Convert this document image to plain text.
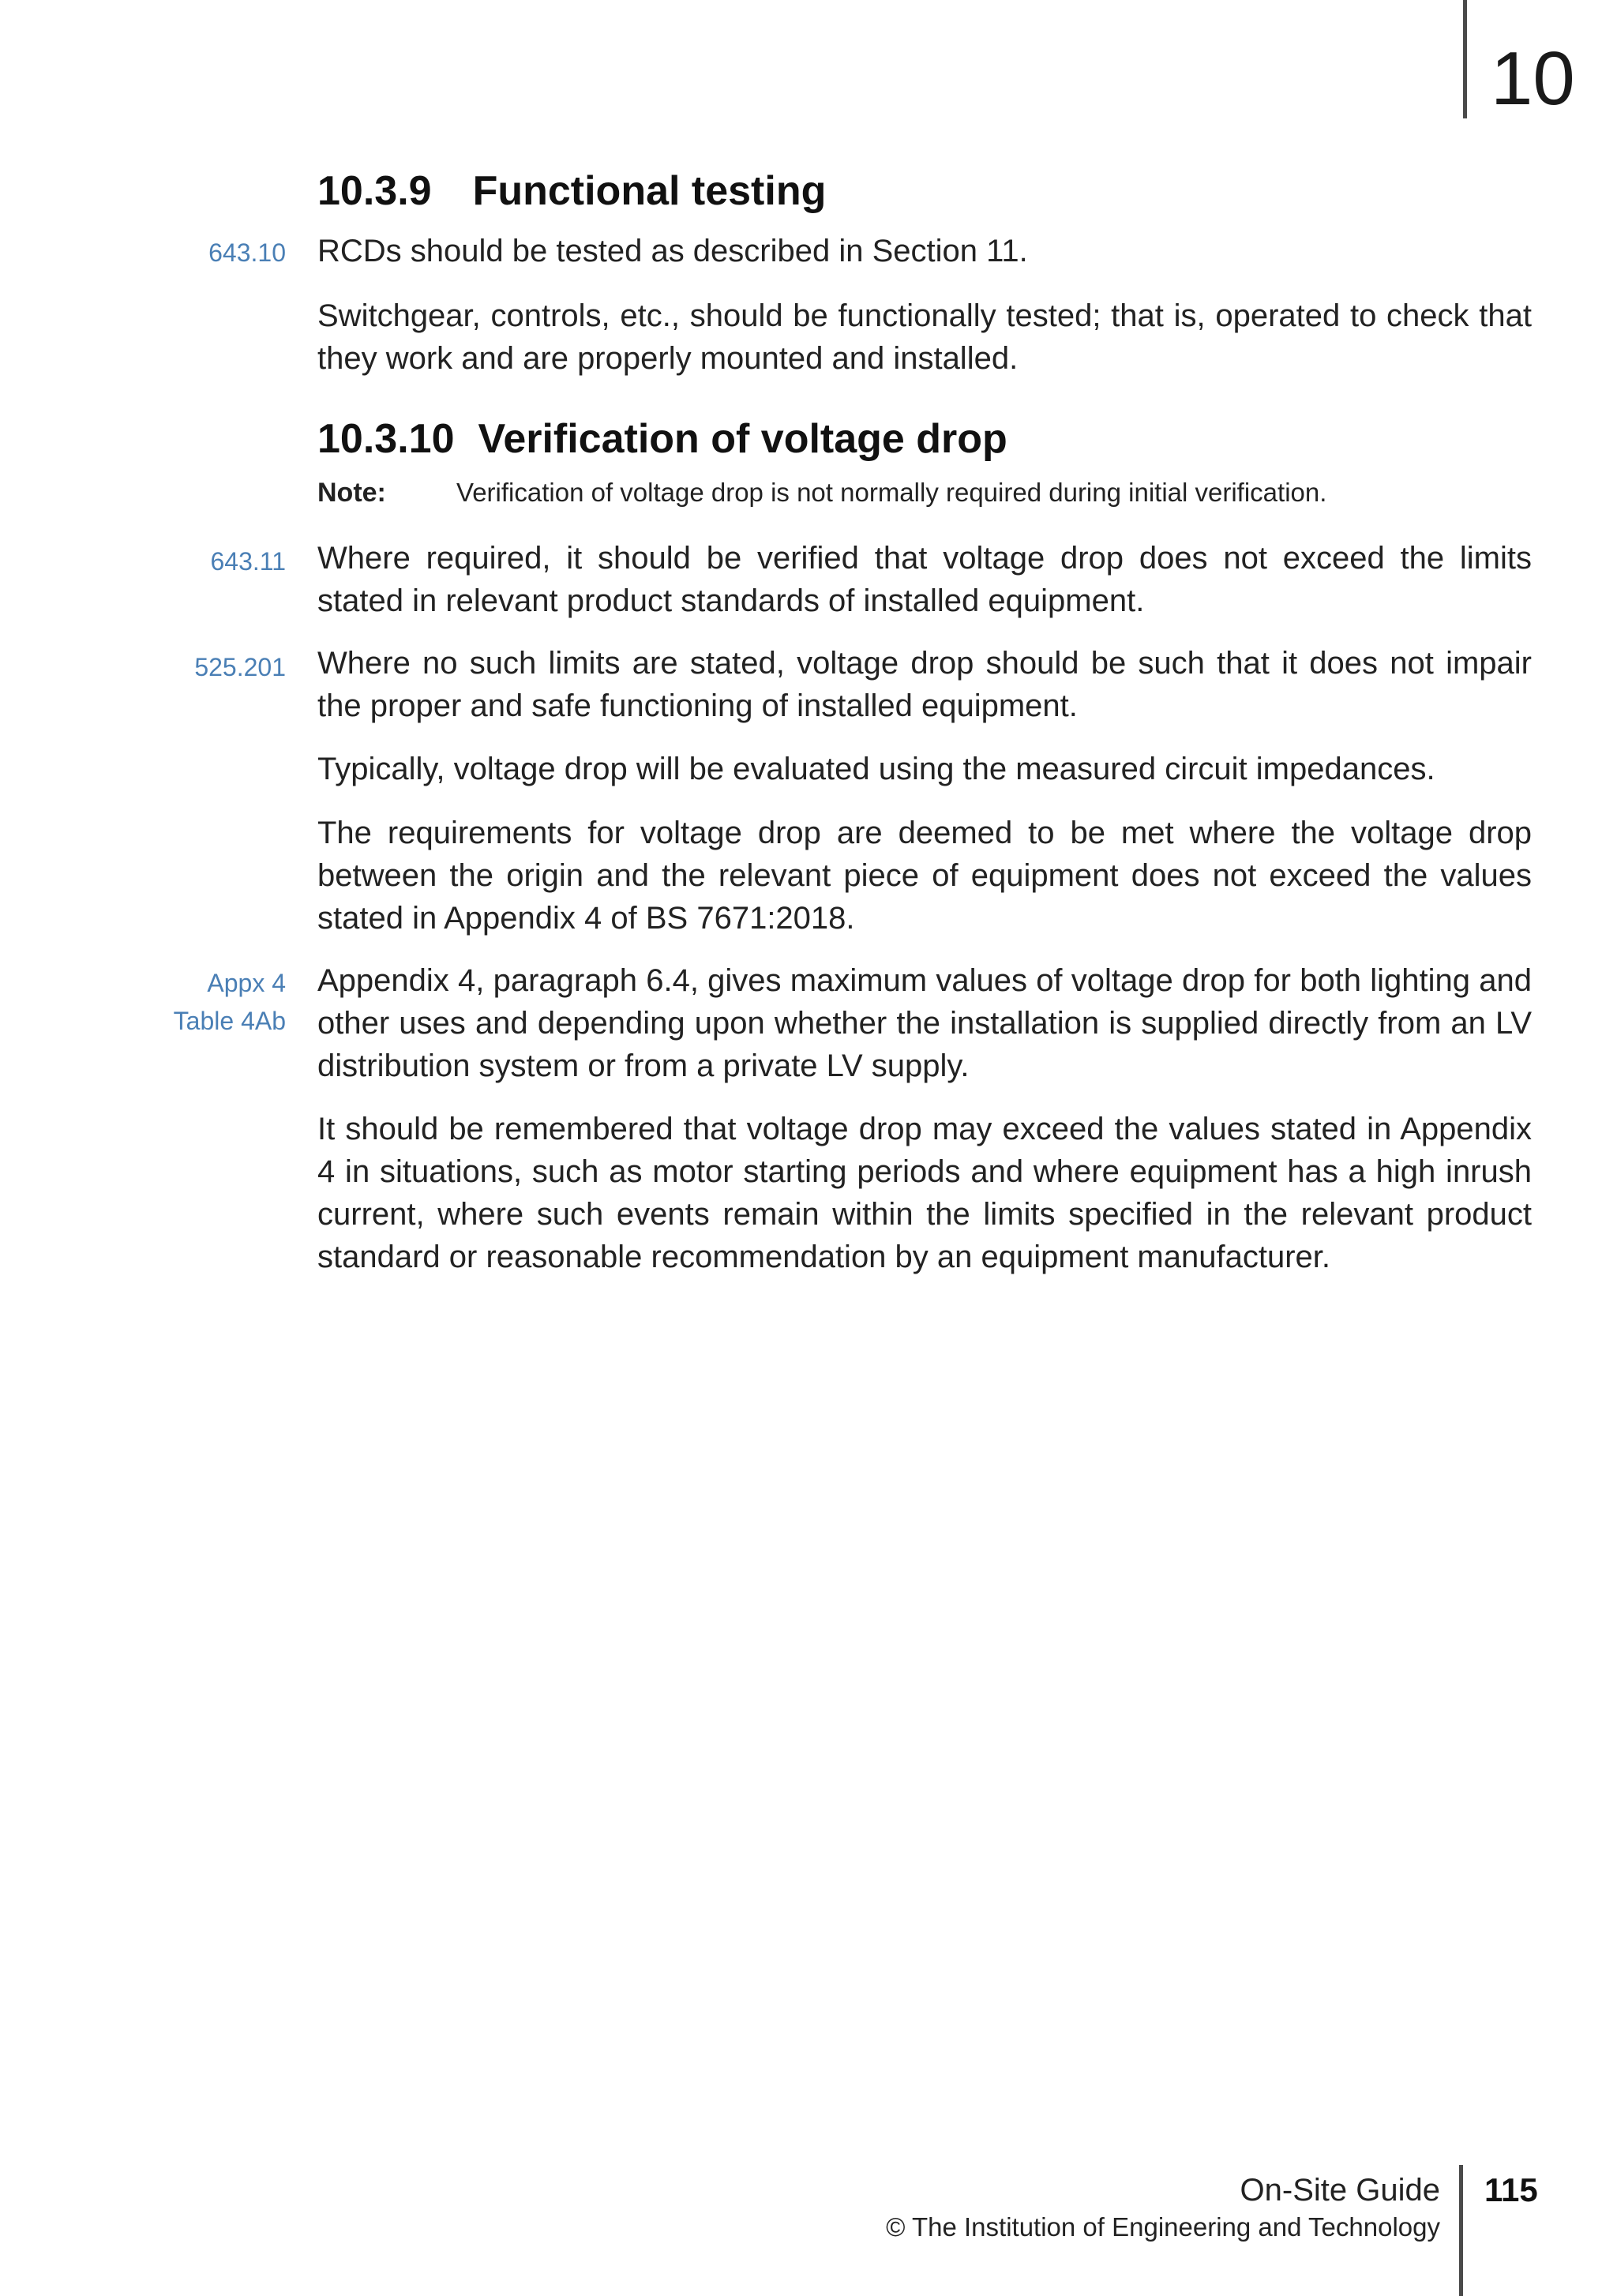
10
10.3.9 Functional testing
643.10 RCDs should be tested as described in Section 11.
Switchgear, controls, etc., should be functionally tested; that is, operated to check that they work and are properly mounted and installed.
10.3.10 Verification of voltage drop
Note:	Verification of voltage drop is not normally required during initial verification.
643.11 Where required, it should be verified that voltage drop does not exceed the limits stated in relevant product standards of installed equipment.
525.201 Where no such limits are stated, voltage drop should be such that it does not impair the proper and safe functioning of installed equipment.
Typically, voltage drop will be evaluated using the measured circuit impedances.
The requirements for voltage drop are deemed to be met where the voltage drop between the origin and the relevant piece of equipment does not exceed the values stated in Appendix 4 of BS 7671:2018.
Appx 4
Table 4Ab
Appendix 4, paragraph 6.4, gives maximum values of voltage drop for both lighting and other uses and depending upon whether the installation is supplied directly from an LV distribution system or from a private LV supply.
It should be remembered that voltage drop may exceed the values stated in Appendix 4 in situations, such as motor starting periods and where equipment has a high inrush current, where such events remain within the limits specified in the relevant product standard or reasonable recommendation by an equipment manufacturer.
On-Site Guide
© The Institution of Engineering and Technology
115
